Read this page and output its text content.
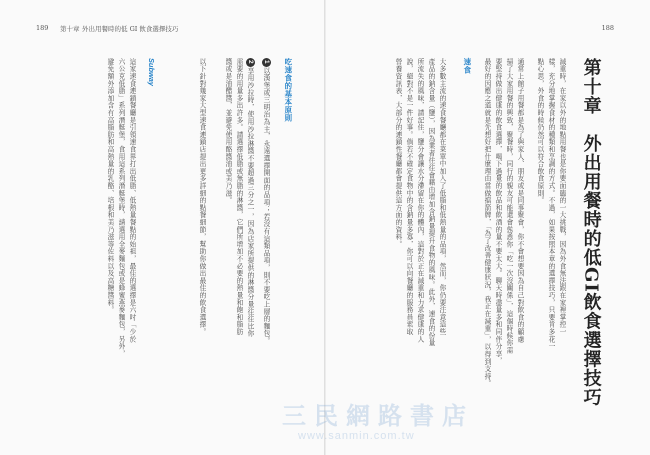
189 第十章 外出用餐時的低 GI 飲食選擇技巧	188
第十章　外出用餐時的低GI飲食選擇技巧
減重時，在家以外的地點用餐也是你要面臨的一大挑戰，因為外食無法跟在家裡掌控一
樣，充分地掌握食材的種類和烹調的方式。不過，如果按照本章的選擇技巧，只要肯多花一
點心思，外食的時候仍然可以符合飲食原則。
通常上館子用餐都是為了與家人、朋友或是同事聚會，你不會想要因為自己對飲食的顧慮
掃了大家用餐的興致，聚餐時，同行的親友可能還會慫恿你「吃一次沒關係」，這個時候你需
要堅持做出健康的飲食選擇，喝下過量的飲品和飲酒的量不要太大。聊天時盡量多和同伴分享，
最好的因應之道就是先想好把什麼理由當做擋箭牌，「為了改善健康狀況，我正在減重」，以得到支持。
速食
大多數主流的速食餐廳都在菜單中加入了低脂和低熱量的品項，然而，你仍要注意這些
產品的鈉含量（鹽），因為業者往往會藉由增加含鈉量提升食物的風味。此外，速食的份量
所流失的風味，請記住，鹽分會讓水分滯留在你的體內，這對於正在減重和力求健康的人
說，絕對不是一件好事。倘若不確定食物中的含鈉量多寡，你可以向餐廳的服務員索取
營養資訊表，大部分的連鎖性餐廳都會提供這方面的資料。
吃速食的基本原則
1以漢堡或三明治為主，永遠選擇開面的品項；若沒有這類品項，則不要吃上層的麵包。
2享用沙拉時，使用沙拉淋醬不要超過三分之一，因為店家所提供的淋醬分量往往比你
需要的用量多出許多。請選擇低脂或無脂的淋醬，它們所增加不必要的熱量和飽和脂肪
醬或是油醋醬，並避免使用酪醬油或美乃滋。
以下針對幾家大型速食連鎖店提出更多詳細的點餐細節，幫助你做出最佳的飲食選擇。
Subway
這家速食連鎖餐廳是引領速食界打出低脂、低熱量餐點的始祖，最佳的選擇是六吋「少於
六公克低脂」系列潛艇堡，食用這系列潛艇堡時，請選用全麥麵包或是蜂蜜燕麥麵包，另外，
避免額外添加含有高脂肪和高熱量的乳酪、培根和美乃滋等佐料以及高糖醬料。
三民網路書店
www.sanmin.com.tw
